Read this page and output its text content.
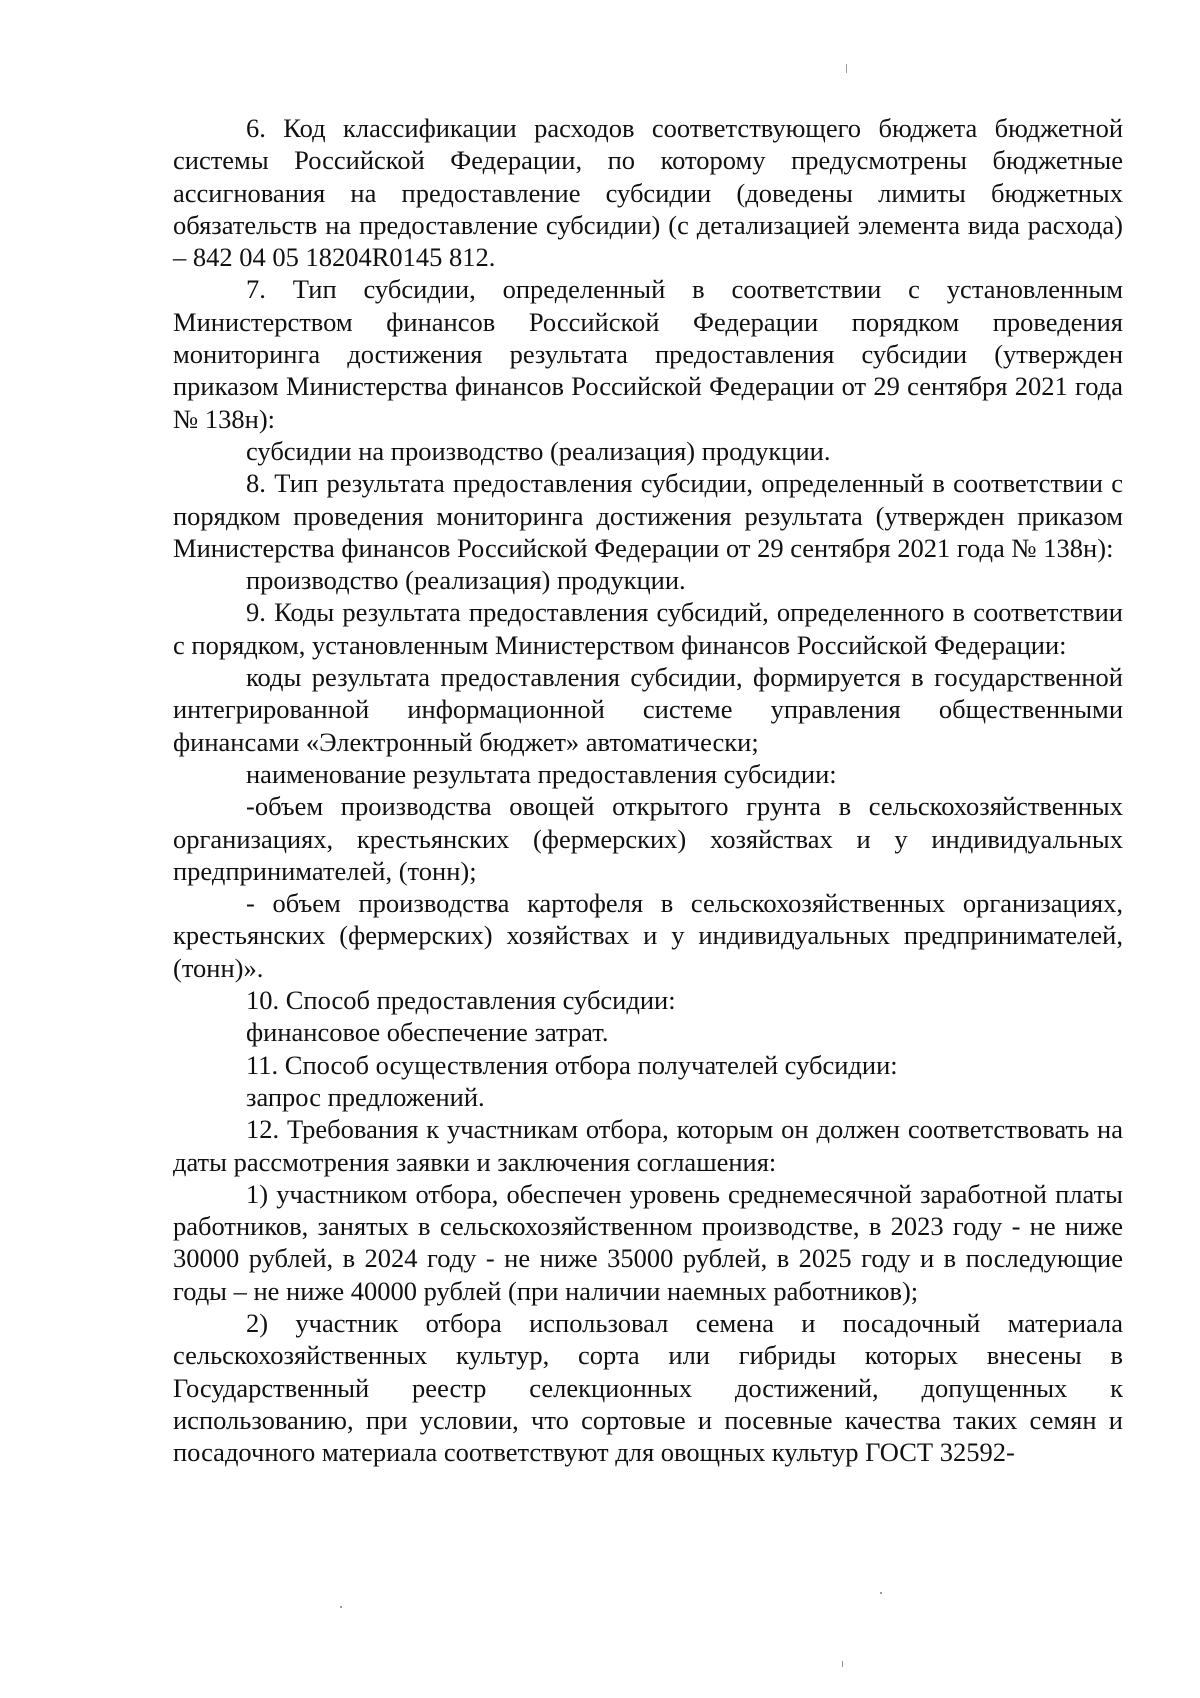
6. Код классификации расходов соответствующего бюджета бюджетной системы Российской Федерации, по которому предусмотрены бюджетные ассигнования на предоставление субсидии (доведены лимиты бюджетных обязательств на предоставление субсидии) (с детализацией элемента вида расхода) – 842 04 05 18204R0145 812.

7. Тип субсидии, определенный в соответствии с установленным Министерством финансов Российской Федерации порядком проведения мониторинга достижения результата предоставления субсидии (утвержден приказом Министерства финансов Российской Федерации от 29 сентября 2021 года № 138н):

субсидии на производство (реализация) продукции.

8. Тип результата предоставления субсидии, определенный в соответствии с порядком проведения мониторинга достижения результата (утвержден приказом Министерства финансов Российской Федерации от 29 сентября 2021 года № 138н):

производство (реализация) продукции.

9. Коды результата предоставления субсидий, определенного в соответствии с порядком, установленным Министерством финансов Российской Федерации:

коды результата предоставления субсидии, формируется в государственной интегрированной информационной системе управления общественными финансами «Электронный бюджет» автоматически;

наименование результата предоставления субсидии:

-объем производства овощей открытого грунта в сельскохозяйственных организациях, крестьянских (фермерских) хозяйствах и у индивидуальных предпринимателей, (тонн);

- объем производства картофеля в сельскохозяйственных организациях, крестьянских (фермерских) хозяйствах и у индивидуальных предпринимателей, (тонн)».

10. Способ предоставления субсидии:

финансовое обеспечение затрат.

11. Способ осуществления отбора получателей субсидии:

запрос предложений.

12. Требования к участникам отбора, которым он должен соответствовать на даты рассмотрения заявки и заключения соглашения:

1) участником отбора, обеспечен уровень среднемесячной заработной платы работников, занятых в сельскохозяйственном производстве, в 2023 году - не ниже 30000 рублей, в 2024 году - не ниже 35000 рублей, в 2025 году и в последующие годы – не ниже 40000 рублей (при наличии наемных работников);

2) участник отбора использовал семена и посадочный материала сельскохозяйственных культур, сорта или гибриды которых внесены в Государственный реестр селекционных достижений, допущенных к использованию, при условии, что сортовые и посевные качества таких семян и посадочного материала соответствуют для овощных культур ГОСТ 32592-
